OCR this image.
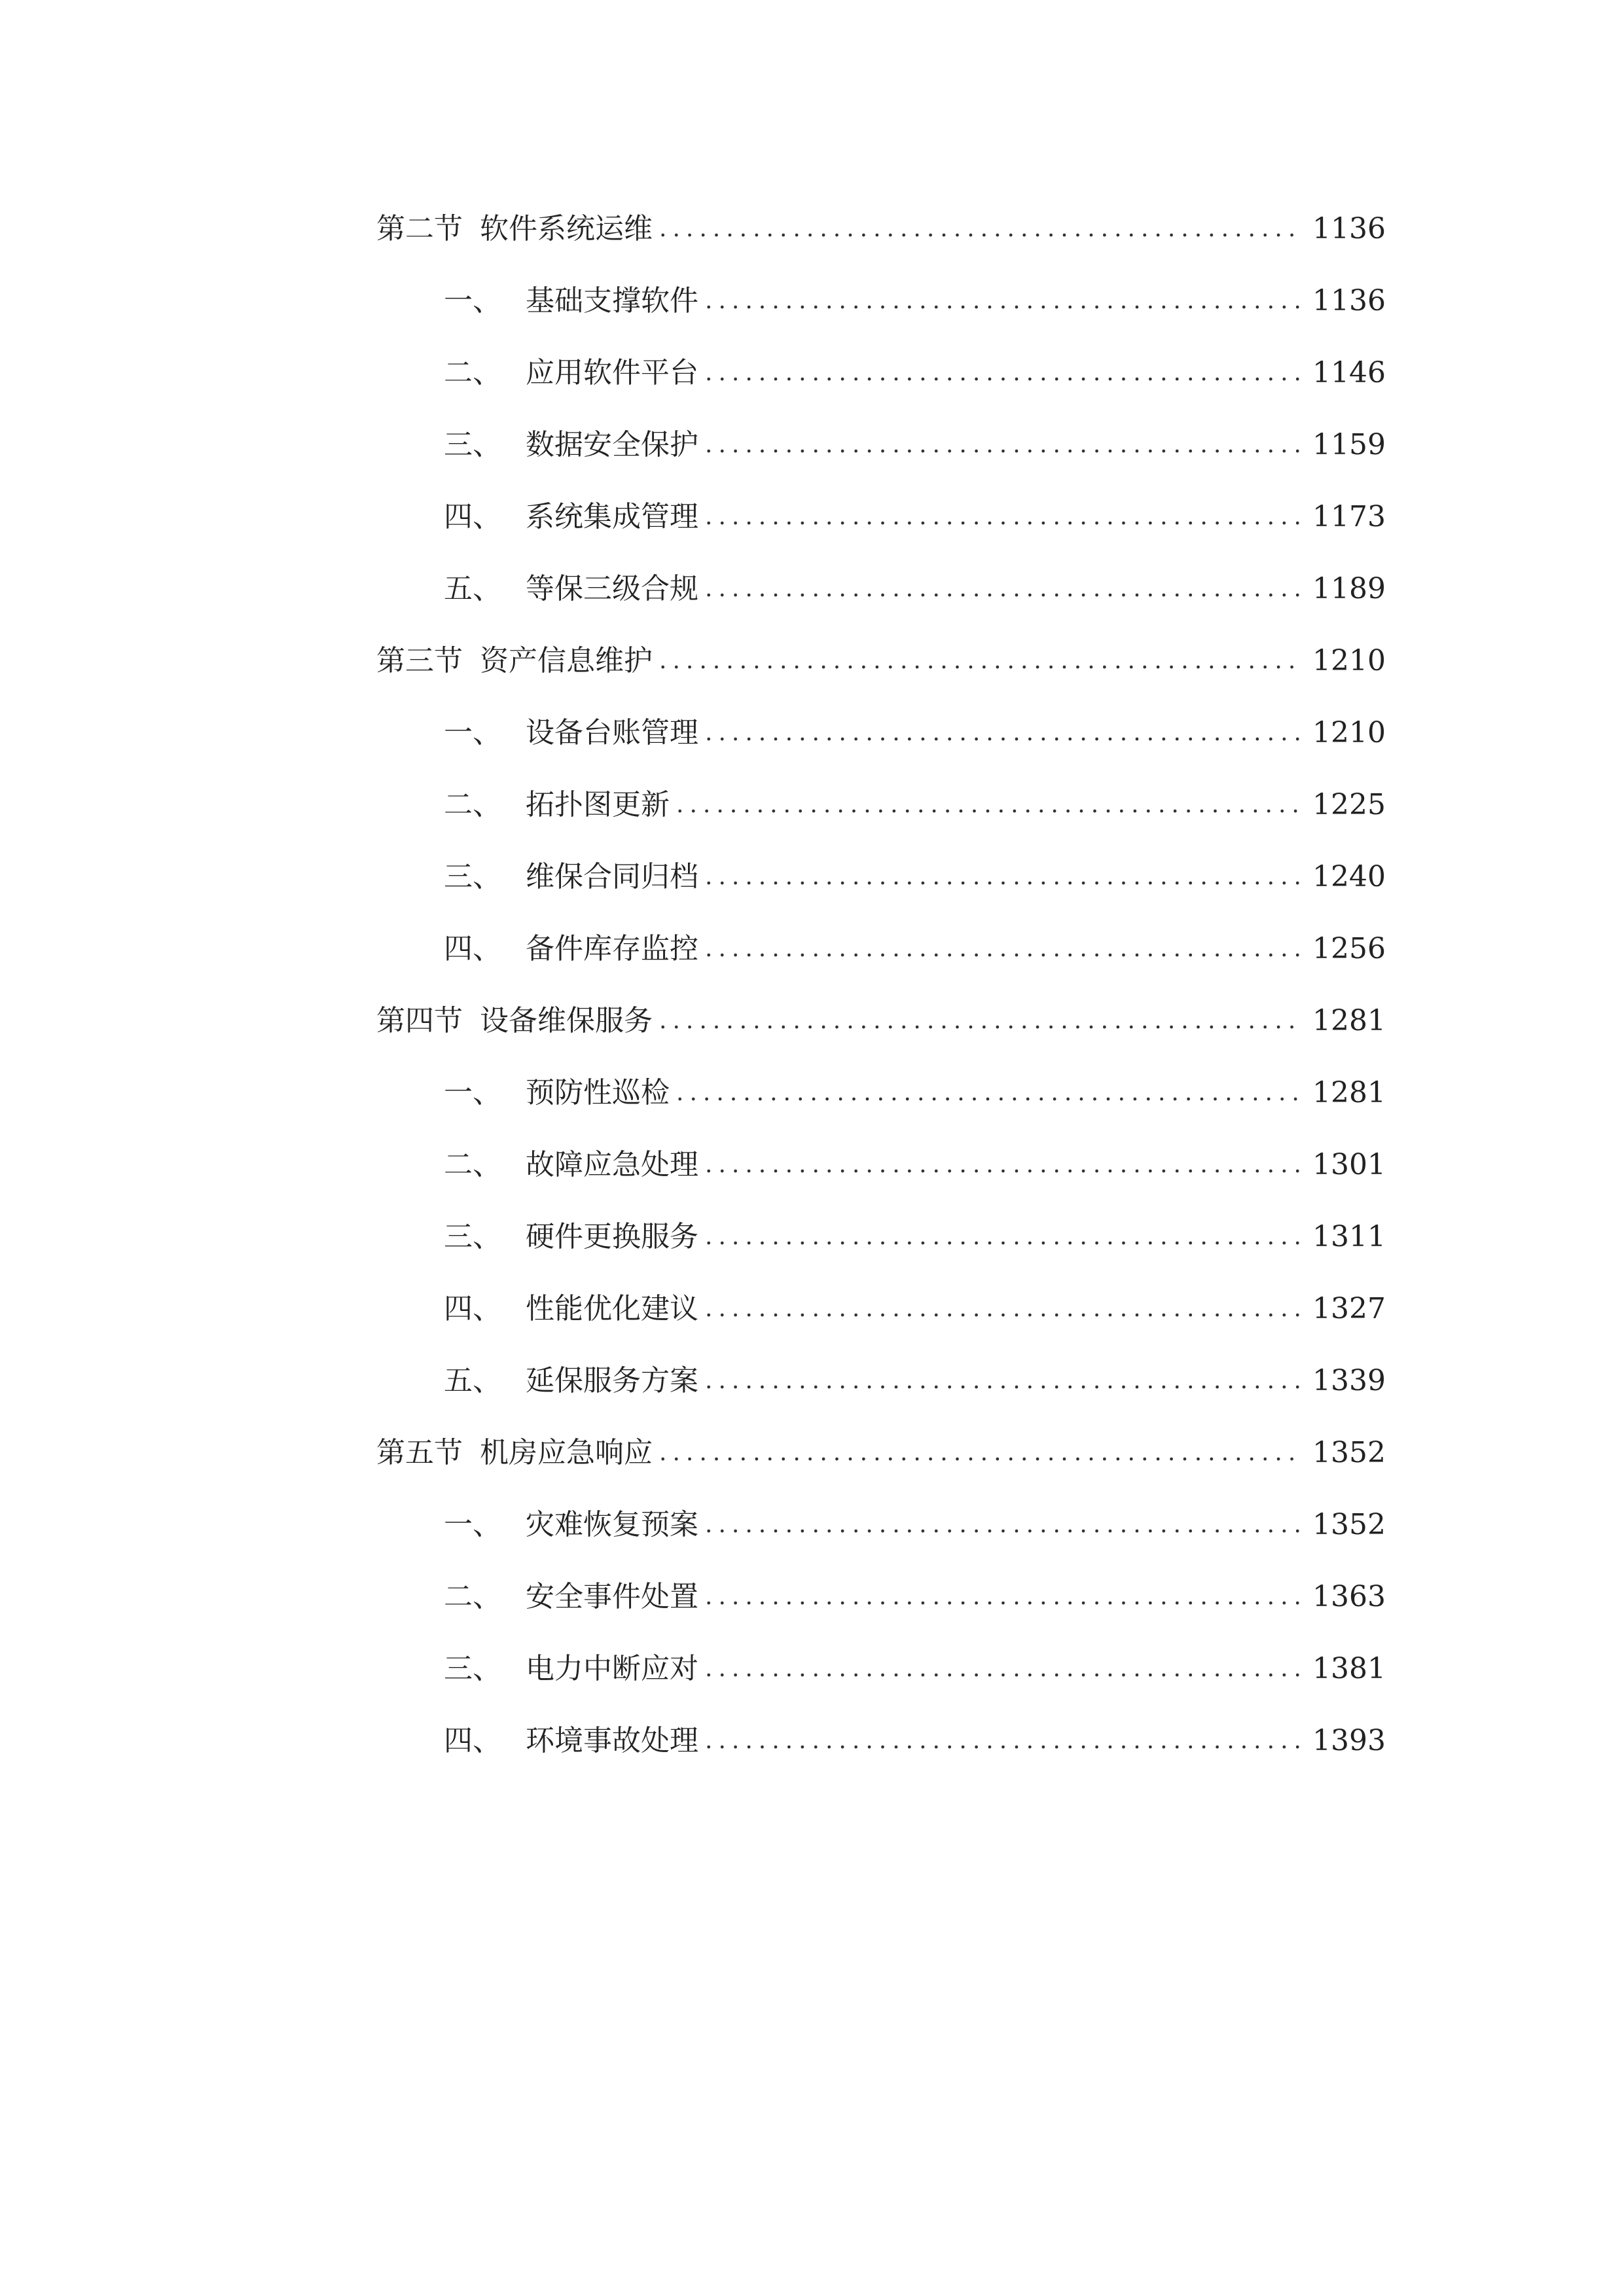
第二节 软件系统运维 .....	1136
一、 基础支撑软件 .....	1136
二、 应用软件平台 .....	1146
三、 数据安全保护 .....	1159
四、 系统集成管理 .....	1173
五、 等保三级合规 .....	1189
第三节 资产信息维护 .....	1210
一、 设备台账管理 .....	1210
二、 拓扑图更新 .....	1225
三、 维保合同归档 .....	1240
四、 备件库存监控 .....	1256
第四节 设备维保服务 .....	1281
一、 预防性巡检 .....	1281
二、 故障应急处理 .....	1301
三、 硬件更换服务 .....	1311
四、 性能优化建议 .....	1327
五、 延保服务方案 .....	1339
第五节 机房应急响应 .....	1352
一、 灾难恢复预案 .....	1352
二、 安全事件处置 .....	1363
三、 电力中断应对 .....	1381
四、 环境事故处理 .....	1393
